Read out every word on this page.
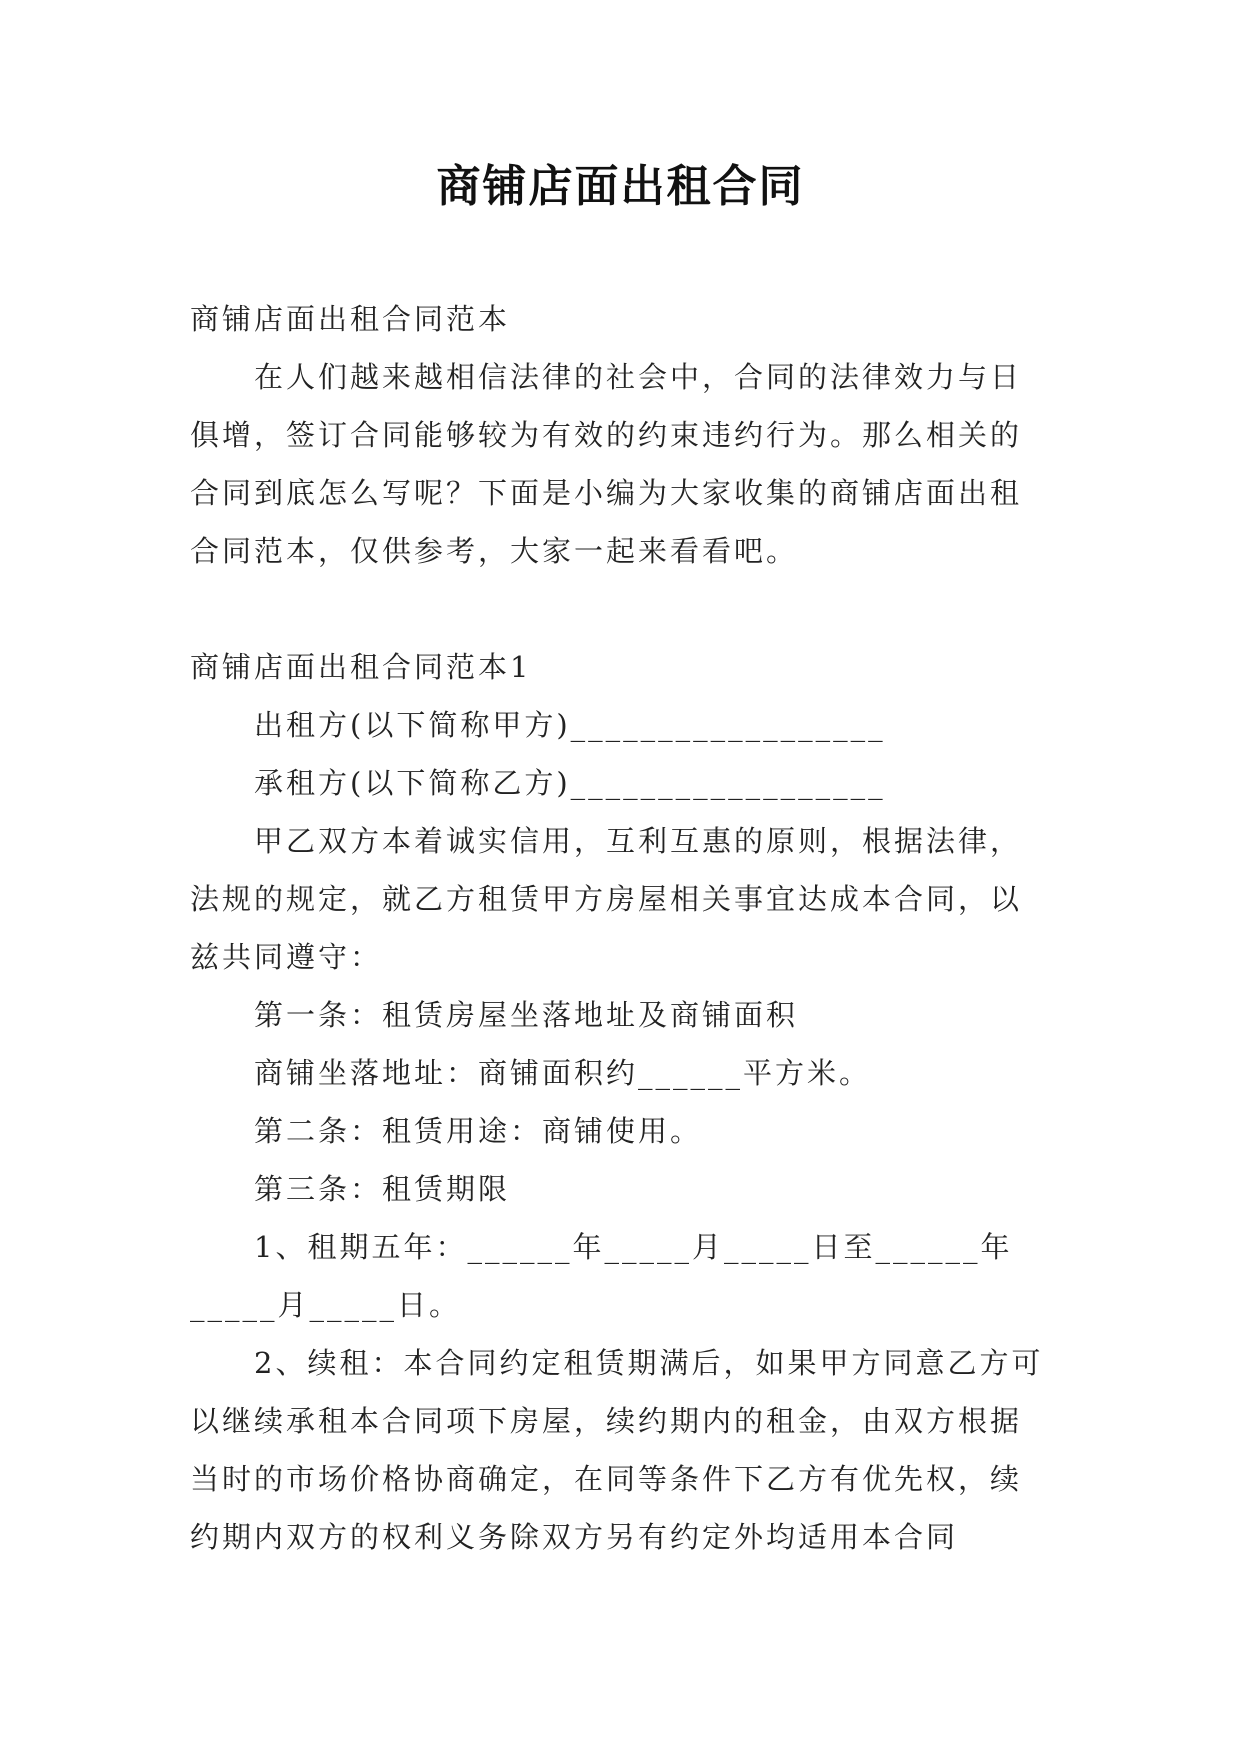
商铺店面出租合同

商铺店面出租合同范本

在人们越来越相信法律的社会中，合同的法律效力与日俱增，签订合同能够较为有效的约束违约行为。那么相关的合同到底怎么写呢？下面是小编为大家收集的商铺店面出租合同范本，仅供参考，大家一起来看看吧。

商铺店面出租合同范本1

出租方(以下简称甲方)__________________

承租方(以下简称乙方)__________________

甲乙双方本着诚实信用，互利互惠的原则，根据法律，法规的规定，就乙方租赁甲方房屋相关事宜达成本合同，以兹共同遵守：

第一条：租赁房屋坐落地址及商铺面积

商铺坐落地址：商铺面积约______平方米。

第二条：租赁用途：商铺使用。

第三条：租赁期限

1、租期五年：______年_____月_____日至______年_____月_____日。

2、续租：本合同约定租赁期满后，如果甲方同意乙方可以继续承租本合同项下房屋，续约期内的租金，由双方根据当时的市场价格协商确定，在同等条件下乙方有优先权，续约期内双方的权利义务除双方另有约定外均适用本合同
